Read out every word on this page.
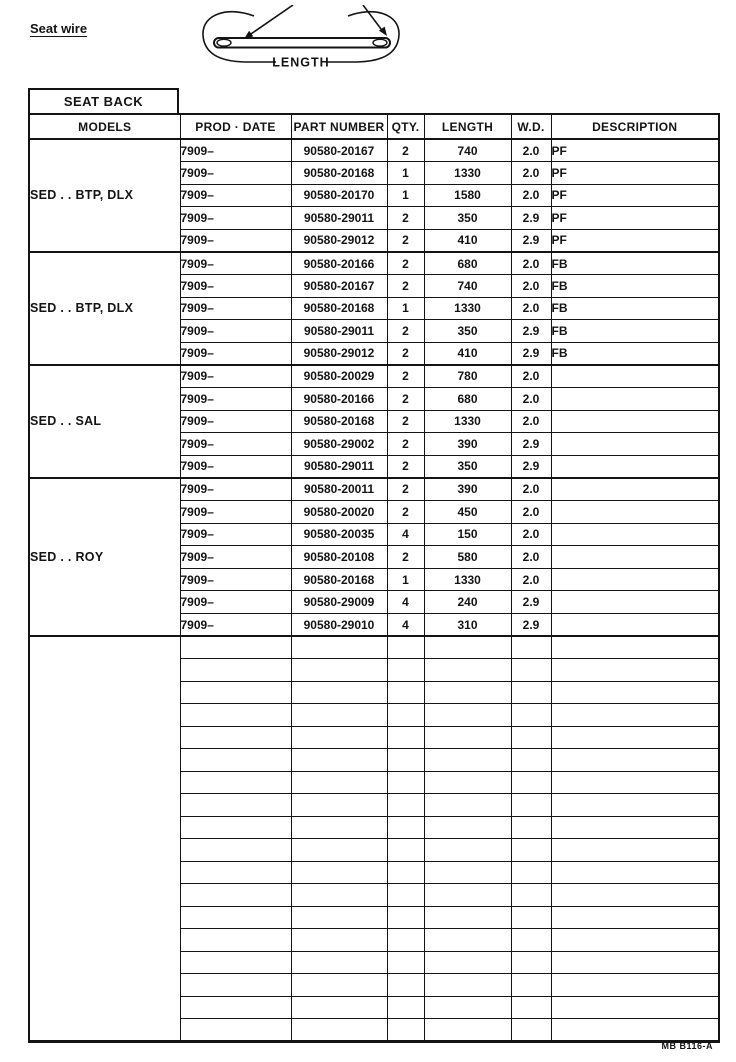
Seat wire
LENGTH
SEAT BACK
MODELS	PROD · DATE	PART NUMBER	QTY.	LENGTH	W.D.	DESCRIPTION
SED . . BTP, DLX	7909–	90580-20167	2	740	2.0	PF
	7909–	90580-20168	1	1330	2.0	PF
	7909–	90580-20170	1	1580	2.0	PF
	7909–	90580-29011	2	350	2.9	PF
	7909–	90580-29012	2	410	2.9	PF
SED . . BTP, DLX	7909–	90580-20166	2	680	2.0	FB
	7909–	90580-20167	2	740	2.0	FB
	7909–	90580-20168	1	1330	2.0	FB
	7909–	90580-29011	2	350	2.9	FB
	7909–	90580-29012	2	410	2.9	FB
SED . . SAL	7909–	90580-20029	2	780	2.0	
	7909–	90580-20166	2	680	2.0	
	7909–	90580-20168	2	1330	2.0	
	7909–	90580-29002	2	390	2.9	
	7909–	90580-29011	2	350	2.9	
SED . . ROY	7909–	90580-20011	2	390	2.0	
	7909–	90580-20020	2	450	2.0	
	7909–	90580-20035	4	150	2.0	
	7909–	90580-20108	2	580	2.0	
	7909–	90580-20168	1	1330	2.0	
	7909–	90580-29009	4	240	2.9	
	7909–	90580-29010	4	310	2.9	

MB B116-A
